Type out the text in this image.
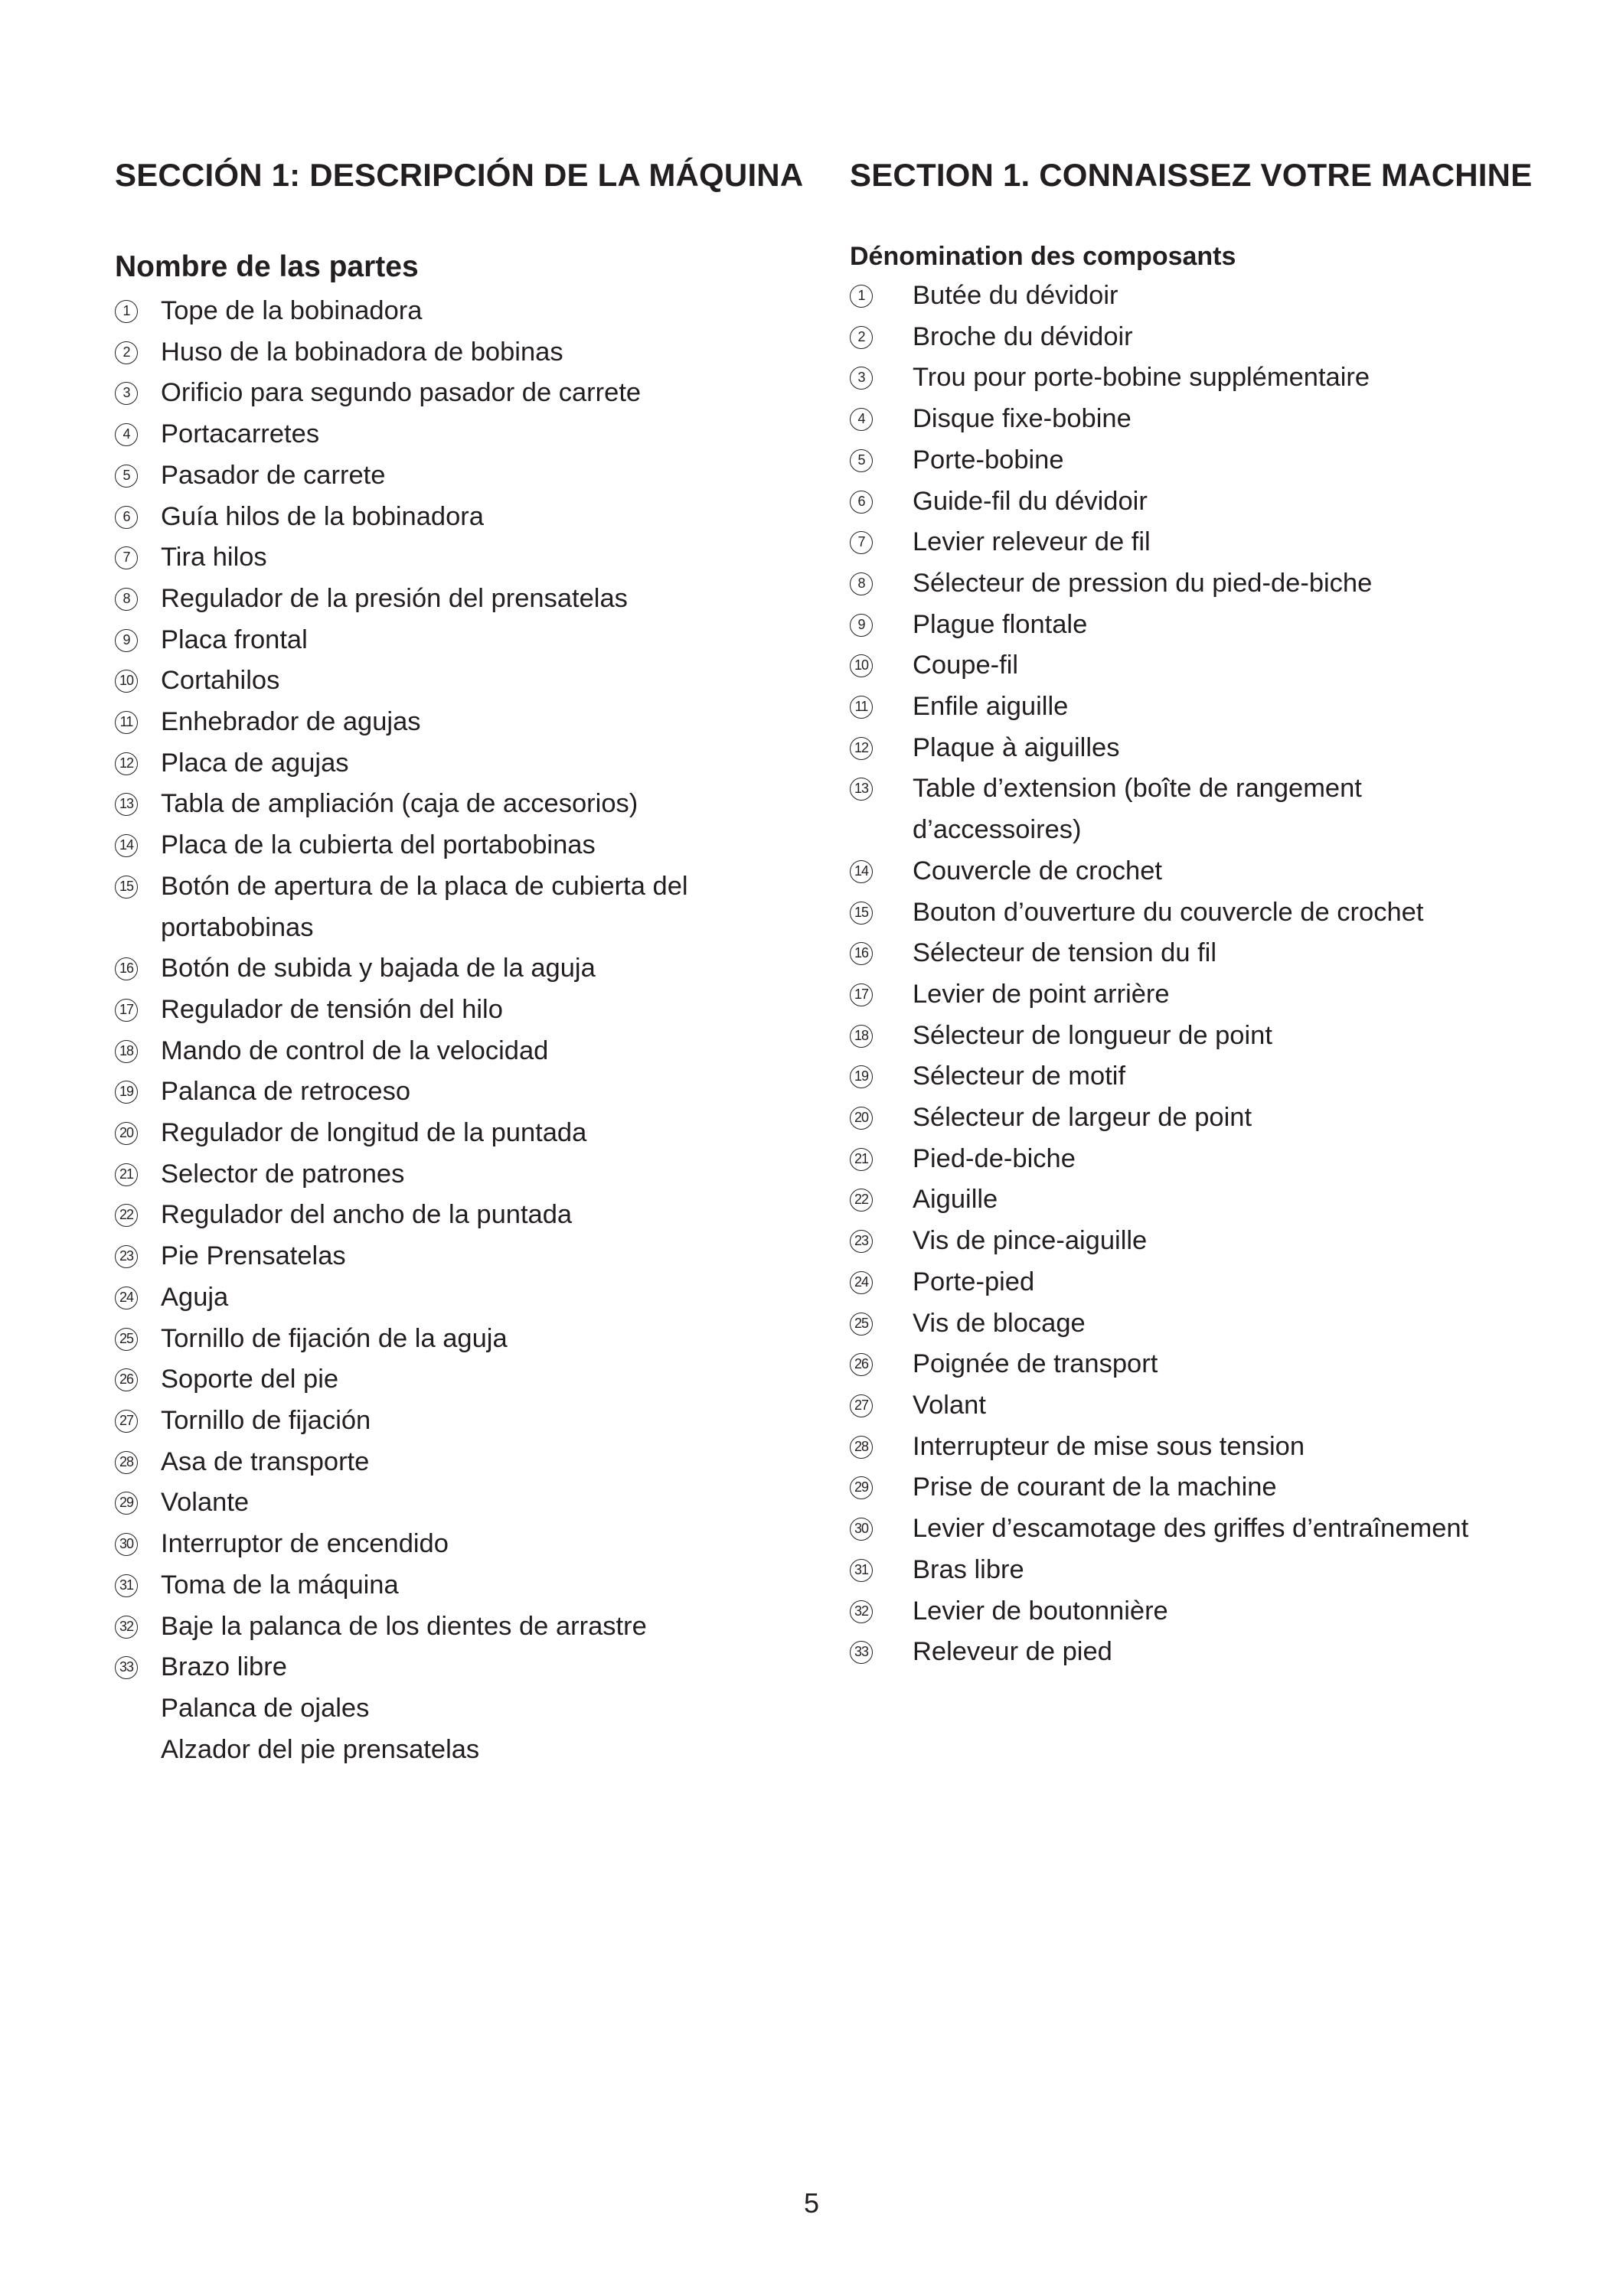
SECCIÓN 1: DESCRIPCIÓN DE LA MÁQUINA
Nombre de las partes
1	Tope de la bobinadora
2	Huso de la bobinadora de bobinas
3	Orificio para segundo pasador de carrete
4	Portacarretes
5	Pasador de carrete
6	Guía hilos de la bobinadora
7	Tira hilos
8	Regulador de la presión del prensatelas
9	Placa frontal
10 Cortahilos
11 Enhebrador de agujas
12 Placa de agujas
13 Tabla de ampliación (caja de accesorios)
14 Placa de la cubierta del portabobinas
15 Botón de apertura de la placa de cubierta del
portabobinas
16 Botón de subida y bajada de la aguja
17 Regulador de tensión del hilo
18 Mando de control de la velocidad
19 Palanca de retroceso
20 Regulador de longitud de la puntada
21 Selector de patrones
22 Regulador del ancho de la puntada
23 Pie Prensatelas
24 Aguja
25 Tornillo de fijación de la aguja
26 Soporte del pie
27 Tornillo de fijación
28 Asa de transporte
29 Volante
30 Interruptor de encendido
31 Toma de la máquina
32 Baje la palanca de los dientes de arrastre
33 Brazo libre
Palanca de ojales
Alzador del pie prensatelas
SECTION 1. CONNAISSEZ VOTRE MACHINE
Dénomination des composants
1	Butée du dévidoir
2	Broche du dévidoir
3	Trou pour porte-bobine supplémentaire
4	Disque fixe-bobine
5	Porte-bobine
6	Guide-fil du dévidoir
7	Levier releveur de fil
8	Sélecteur de pression du pied-de-biche
9	Plague flontale
10 Coupe-fil
11 Enfile aiguille
12 Plaque à aiguilles
13 Table d’extension (boîte de rangement
d’accessoires)
14 Couvercle de crochet
15 Bouton d’ouverture du couvercle de crochet
16 Sélecteur de tension du fil
17 Levier de point arrière
18 Sélecteur de longueur de point
19 Sélecteur de motif
20 Sélecteur de largeur de point
21 Pied-de-biche
22 Aiguille
23 Vis de pince-aiguille
24 Porte-pied
25 Vis de blocage
26 Poignée de transport
27 Volant
28 Interrupteur de mise sous tension
29 Prise de courant de la machine
30 Levier d’escamotage des griffes d’entraînement
31 Bras libre
32 Levier de boutonnière
33 Releveur de pied

5
